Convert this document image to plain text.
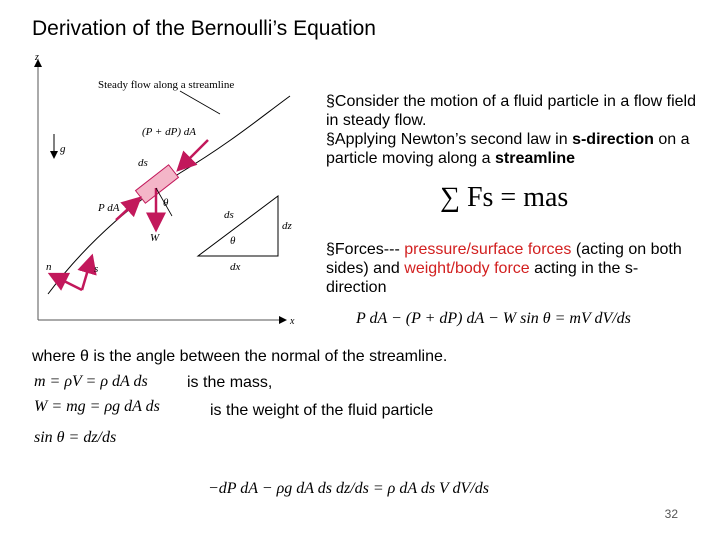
Derivation of the Bernoulli’s Equation
z
x
Steady flow along a streamline
g
(P + dP) dA
P dA
W
θ
ds
ds
dz
dx
θ
n	s
§Consider the motion of a fluid particle in a flow field in steady flow.
§Applying Newton’s second law in s-direction on a particle moving along a streamline
∑ Fs = mas
§Forces--- pressure/surface forces (acting on both sides) and weight/body force acting in the s-direction
P dA − (P + dP) dA − W sin θ = mV dV/ds
where θ is the angle between the normal of the streamline.
m = ρV = ρ dA ds is the mass,
W = mg = ρg dA ds	is the weight of the fluid particle
sin θ = dz/ds
−dP dA − ρg dA ds dz/ds = ρ dA ds V dV/ds
32
